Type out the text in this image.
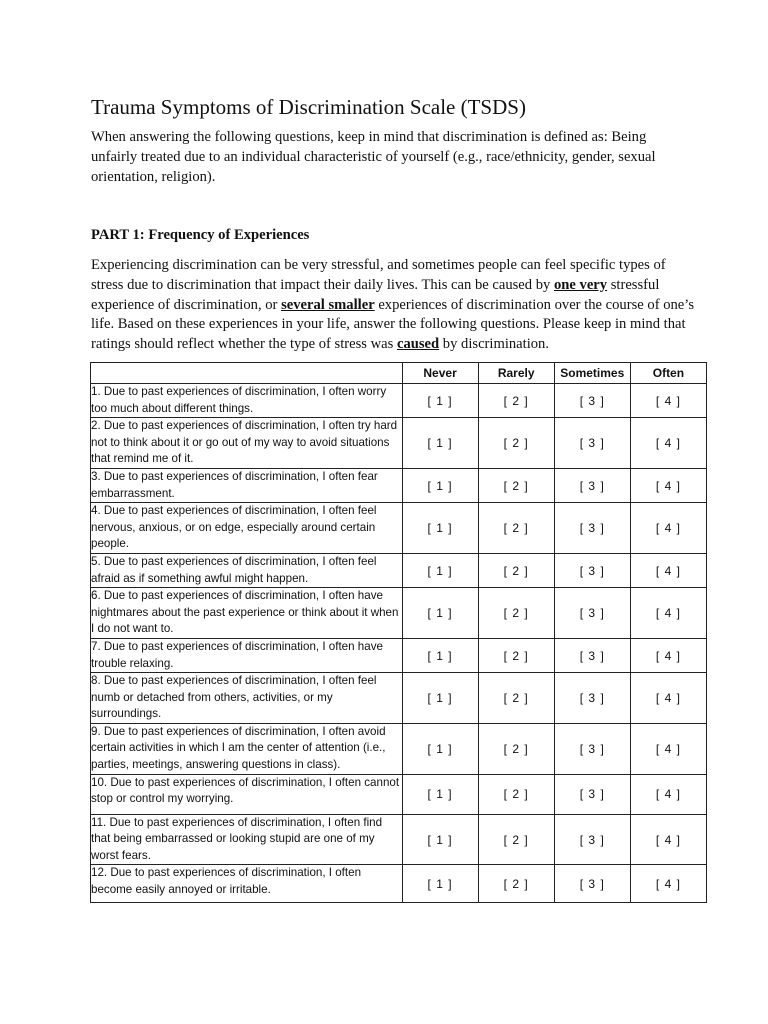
Trauma Symptoms of Discrimination Scale (TSDS)

When answering the following questions, keep in mind that discrimination is defined as: Being unfairly treated due to an individual characteristic of yourself (e.g., race/ethnicity, gender, sexual orientation, religion).

PART 1: Frequency of Experiences

Experiencing discrimination can be very stressful, and sometimes people can feel specific types of stress due to discrimination that impact their daily lives. This can be caused by one very stressful experience of discrimination, or several smaller experiences of discrimination over the course of one’s life. Based on these experiences in your life, answer the following questions. Please keep in mind that ratings should reflect whether the type of stress was caused by discrimination.

	Never	Rarely	Sometimes	Often
1. Due to past experiences of discrimination, I often worry too much about different things.	[ 1 ]	[ 2 ]	[ 3 ]	[ 4 ]
2. Due to past experiences of discrimination, I often try hard not to think about it or go out of my way to avoid situations that remind me of it.	[ 1 ]	[ 2 ]	[ 3 ]	[ 4 ]
3. Due to past experiences of discrimination, I often fear embarrassment.	[ 1 ]	[ 2 ]	[ 3 ]	[ 4 ]
4. Due to past experiences of discrimination, I often feel nervous, anxious, or on edge, especially around certain people.	[ 1 ]	[ 2 ]	[ 3 ]	[ 4 ]
5. Due to past experiences of discrimination, I often feel afraid as if something awful might happen.	[ 1 ]	[ 2 ]	[ 3 ]	[ 4 ]
6. Due to past experiences of discrimination, I often have nightmares about the past experience or think about it when I do not want to.	[ 1 ]	[ 2 ]	[ 3 ]	[ 4 ]
7. Due to past experiences of discrimination, I often have trouble relaxing.	[ 1 ]	[ 2 ]	[ 3 ]	[ 4 ]
8. Due to past experiences of discrimination, I often feel numb or detached from others, activities, or my surroundings.	[ 1 ]	[ 2 ]	[ 3 ]	[ 4 ]
9. Due to past experiences of discrimination, I often avoid certain activities in which I am the center of attention (i.e., parties, meetings, answering questions in class).	[ 1 ]	[ 2 ]	[ 3 ]	[ 4 ]
10. Due to past experiences of discrimination, I often cannot stop or control my worrying.	[ 1 ]	[ 2 ]	[ 3 ]	[ 4 ]
11. Due to past experiences of discrimination, I often find that being embarrassed or looking stupid are one of my worst fears.	[ 1 ]	[ 2 ]	[ 3 ]	[ 4 ]
12. Due to past experiences of discrimination, I often become easily annoyed or irritable.	[ 1 ]	[ 2 ]	[ 3 ]	[ 4 ]
